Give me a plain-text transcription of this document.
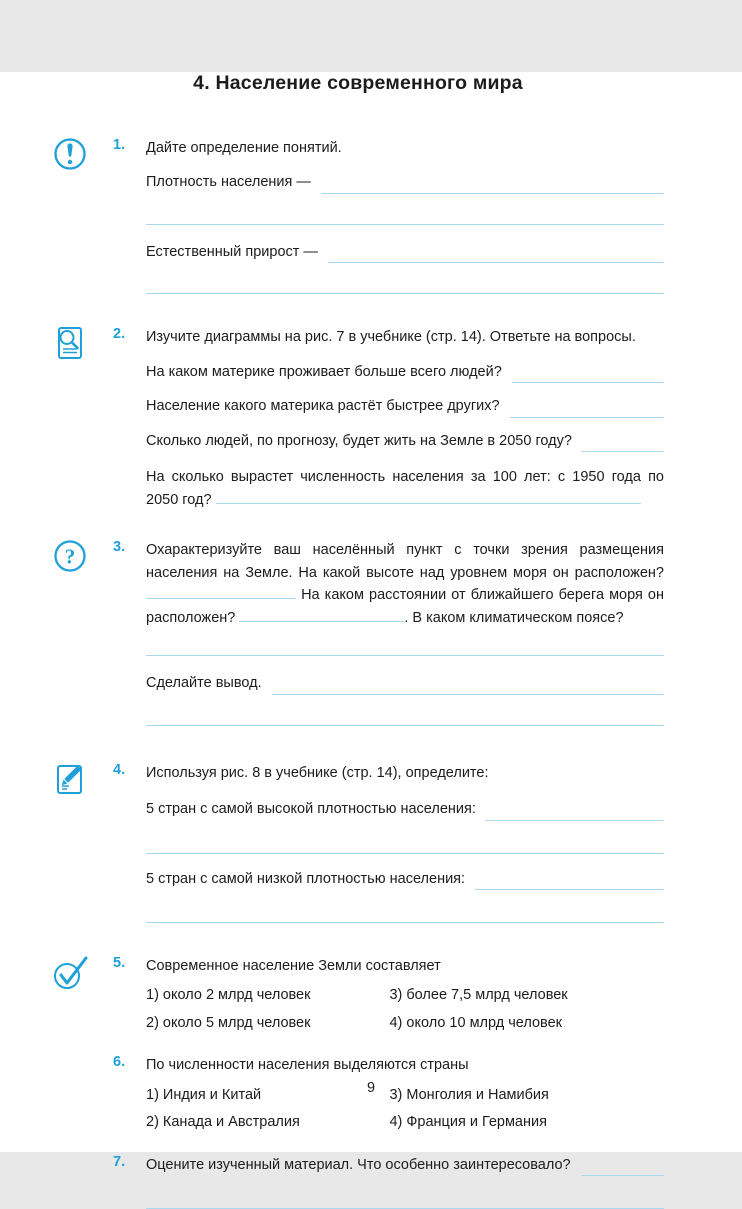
4. Население современного мира
1.	Дайте определение понятий.

Плотность населения —
Естественный прирост —
2.	Изучите диаграммы на рис. 7 в учебнике (стр. 14). Ответьте на вопросы.

На каком материке проживает больше всего людей?
Население какого материка растёт быстрее других?
Сколько людей, по прогнозу, будет жить на Земле в 2050 году?

На сколько вырастет численность населения за 100 лет: с 1950 года по 2050 год?

?	3.	Охарактеризуйте ваш населённый пункт с точки зрения размещения населения на Земле. На какой высоте над уровнем моря он расположен?  На каком расстоянии от ближайшего берега моря он расположен?	. В каком климатическом поясе?

Сделайте вывод.
4.	Используя рис. 8 в учебнике (стр. 14), определите:

5 стран с самой высокой плотностью населения:
5 стран с самой низкой плотностью населения:
5.	Современное население Земли составляет

1) около 2 млрд человек	3) более 7,5 млрд человек
2) около 5 млрд человек	4) около 10 млрд человек
6.	По численности населения выделяются страны

1) Индия и Китай	3) Монголия и Намибия
2) Канада и Австралия	4) Франция и Германия
7.	Оцените изученный материал. Что особенно заинтересовало?
9
